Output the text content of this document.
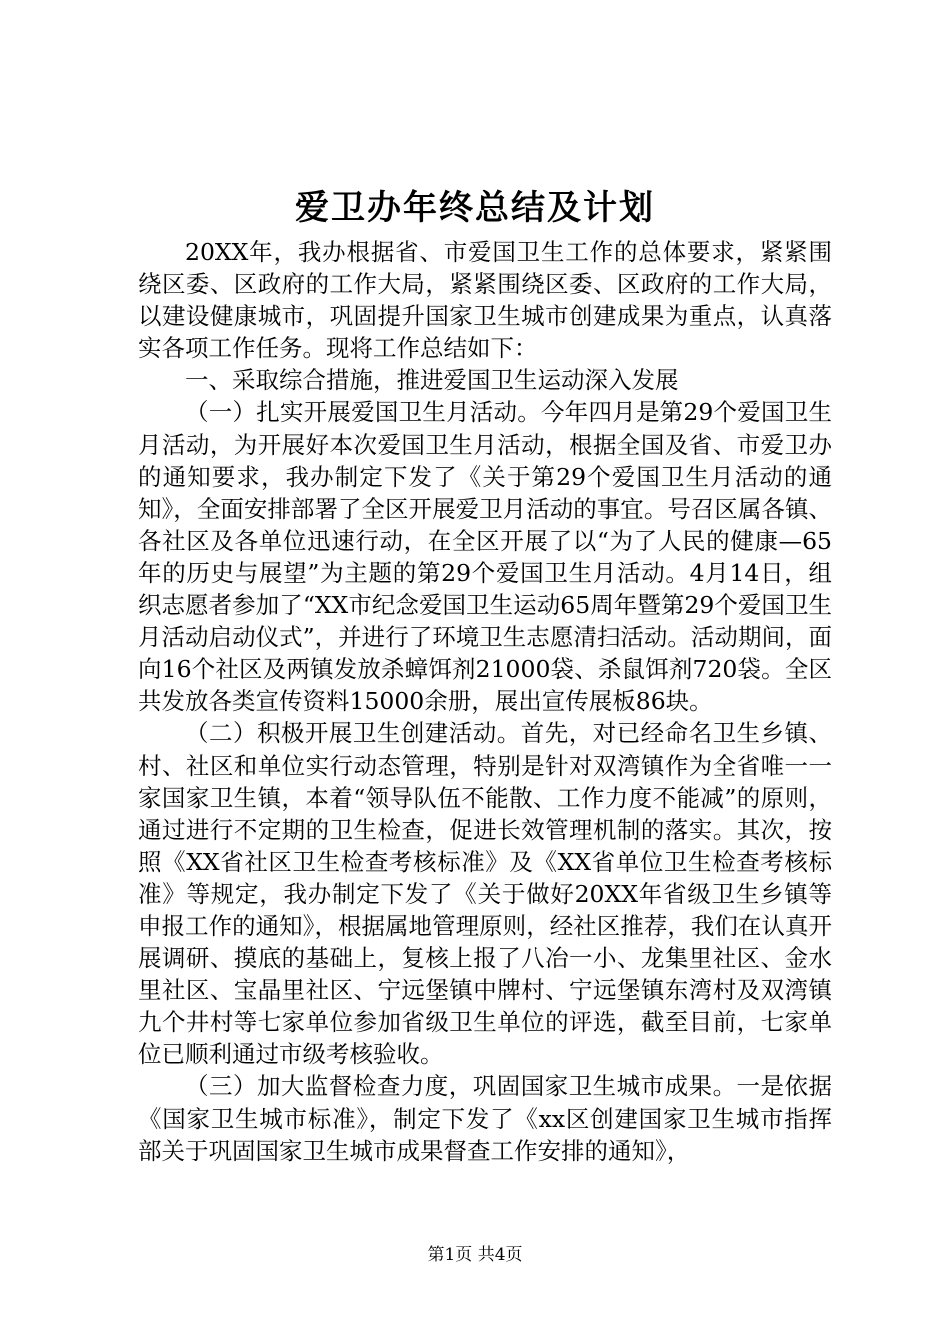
爱卫办年终总结及计划

20XX年，我办根据省、市爱国卫生工作的总体要求，紧紧围绕区委、区政府的工作大局，紧紧围绕区委、区政府的工作大局，以建设健康城市，巩固提升国家卫生城市创建成果为重点，认真落实各项工作任务。现将工作总结如下：

一、采取综合措施，推进爱国卫生运动深入发展

（一）扎实开展爱国卫生月活动。今年四月是第29个爱国卫生月活动，为开展好本次爱国卫生月活动，根据全国及省、市爱卫办的通知要求，我办制定下发了《关于第29个爱国卫生月活动的通知》，全面安排部署了全区开展爱卫月活动的事宜。号召区属各镇、各社区及各单位迅速行动，在全区开展了以“为了人民的健康—65年的历史与展望”为主题的第29个爱国卫生月活动。4月14日，组织志愿者参加了“XX市纪念爱国卫生运动65周年暨第29个爱国卫生月活动启动仪式”，并进行了环境卫生志愿清扫活动。活动期间，面向16个社区及两镇发放杀蟑饵剂21000袋、杀鼠饵剂720袋。全区共发放各类宣传资料15000余册，展出宣传展板86块。

（二）积极开展卫生创建活动。首先，对已经命名卫生乡镇、村、社区和单位实行动态管理，特别是针对双湾镇作为全省唯一一家国家卫生镇，本着“领导队伍不能散、工作力度不能减”的原则，通过进行不定期的卫生检查，促进长效管理机制的落实。其次，按照《XX省社区卫生检查考核标准》及《XX省单位卫生检查考核标准》等规定，我办制定下发了《关于做好20XX年省级卫生乡镇等申报工作的通知》，根据属地管理原则，经社区推荐，我们在认真开展调研、摸底的基础上，复核上报了八冶一小、龙集里社区、金水里社区、宝晶里社区、宁远堡镇中牌村、宁远堡镇东湾村及双湾镇九个井村等七家单位参加省级卫生单位的评选，截至目前，七家单位已顺利通过市级考核验收。

（三）加大监督检查力度，巩固国家卫生城市成果。一是依据《国家卫生城市标准》，制定下发了《xx区创建国家卫生城市指挥部关于巩固国家卫生城市成果督查工作安排的通知》，

第1页 共4页
